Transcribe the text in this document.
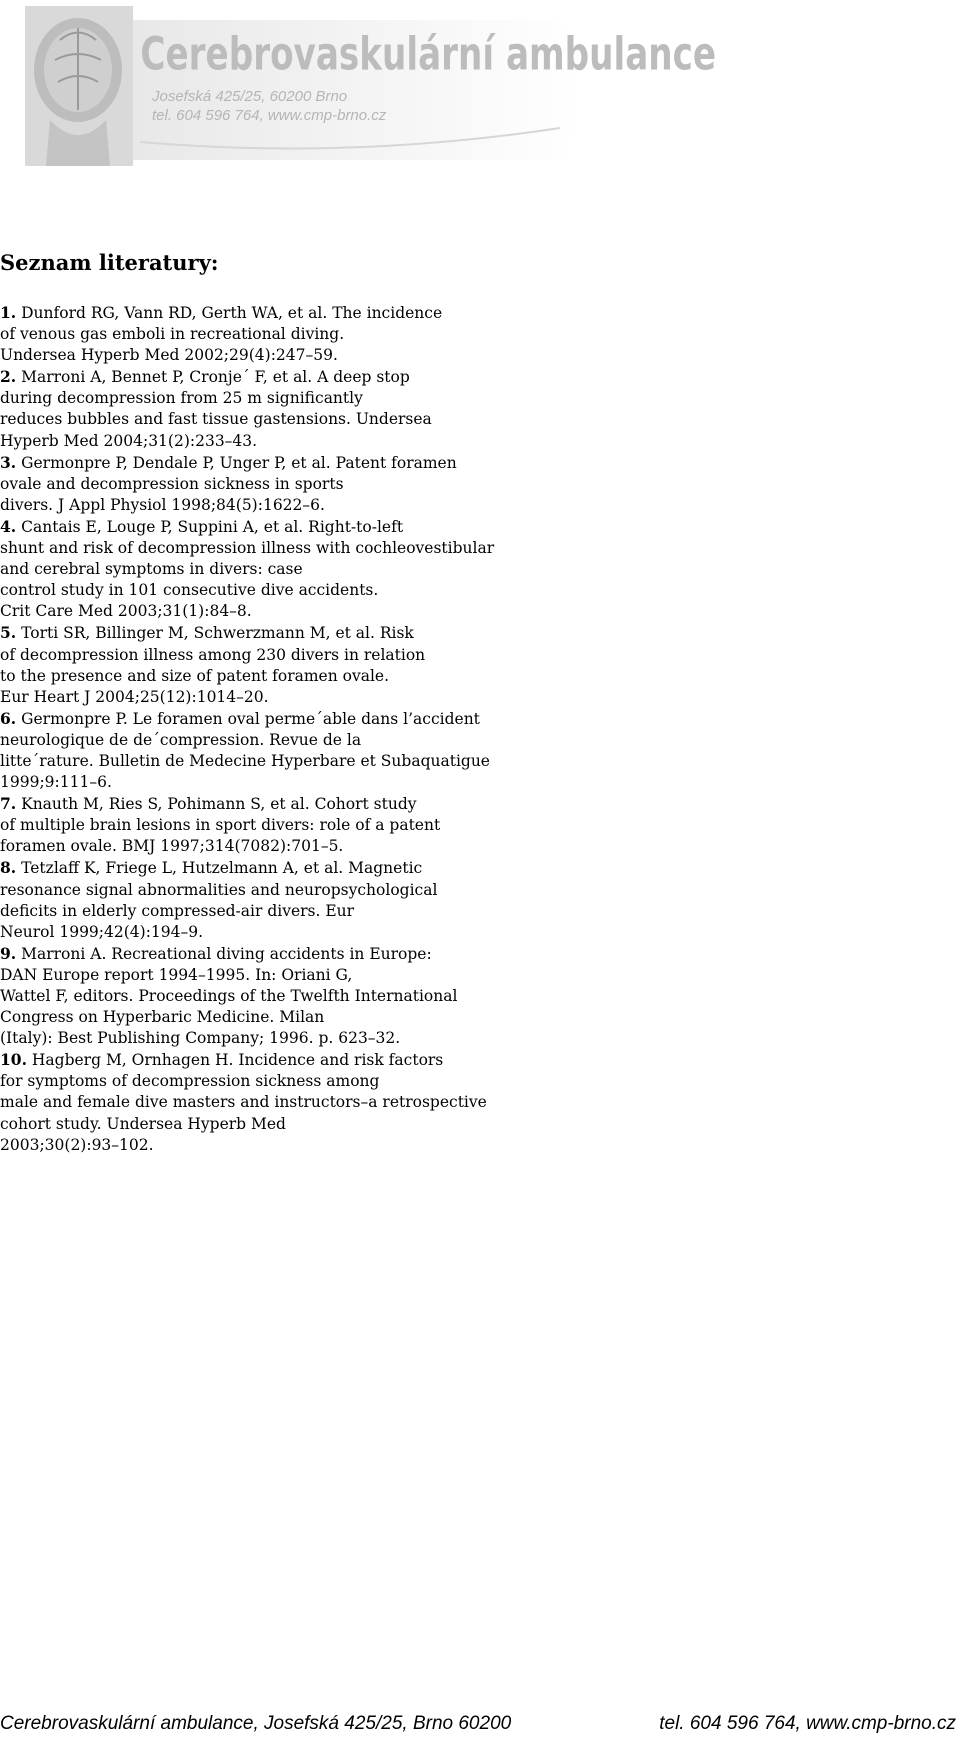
Cerebrovaskulární ambulance
Josefská 425/25, 60200 Brno
tel. 604 596 764, www.cmp-brno.cz
Seznam literatury:
1. Dunford RG, Vann RD, Gerth WA, et al. The incidence
of venous gas emboli in recreational diving.
Undersea Hyperb Med 2002;29(4):247–59.
2. Marroni A, Bennet P, Cronje´ F, et al. A deep stop
during decompression from 25 m significantly
reduces bubbles and fast tissue gastensions. Undersea
Hyperb Med 2004;31(2):233–43.
3. Germonpre P, Dendale P, Unger P, et al. Patent foramen
ovale and decompression sickness in sports
divers. J Appl Physiol 1998;84(5):1622–6.
4. Cantais E, Louge P, Suppini A, et al. Right-to-left
shunt and risk of decompression illness with cochleovestibular
and cerebral symptoms in divers: case
control study in 101 consecutive dive accidents.
Crit Care Med 2003;31(1):84–8.
5. Torti SR, Billinger M, Schwerzmann M, et al. Risk
of decompression illness among 230 divers in relation
to the presence and size of patent foramen ovale.
Eur Heart J 2004;25(12):1014–20.
6. Germonpre P. Le foramen oval perme´able dans l’accident
neurologique de de´compression. Revue de la
litte´rature. Bulletin de Medecine Hyperbare et Subaquatigue
1999;9:111–6.
7. Knauth M, Ries S, Pohimann S, et al. Cohort study
of multiple brain lesions in sport divers: role of a patent
foramen ovale. BMJ 1997;314(7082):701–5.
8. Tetzlaff K, Friege L, Hutzelmann A, et al. Magnetic
resonance signal abnormalities and neuropsychological
deficits in elderly compressed-air divers. Eur
Neurol 1999;42(4):194–9.
9. Marroni A. Recreational diving accidents in Europe:
DAN Europe report 1994–1995. In: Oriani G,
Wattel F, editors. Proceedings of the Twelfth International
Congress on Hyperbaric Medicine. Milan
(Italy): Best Publishing Company; 1996. p. 623–32.
10. Hagberg M, Ornhagen H. Incidence and risk factors
for symptoms of decompression sickness among
male and female dive masters and instructors–a retrospective
cohort study. Undersea Hyperb Med
2003;30(2):93–102.
Cerebrovaskulární ambulance, Josefská 425/25, Brno 60200	tel. 604 596 764, www.cmp-brno.cz
